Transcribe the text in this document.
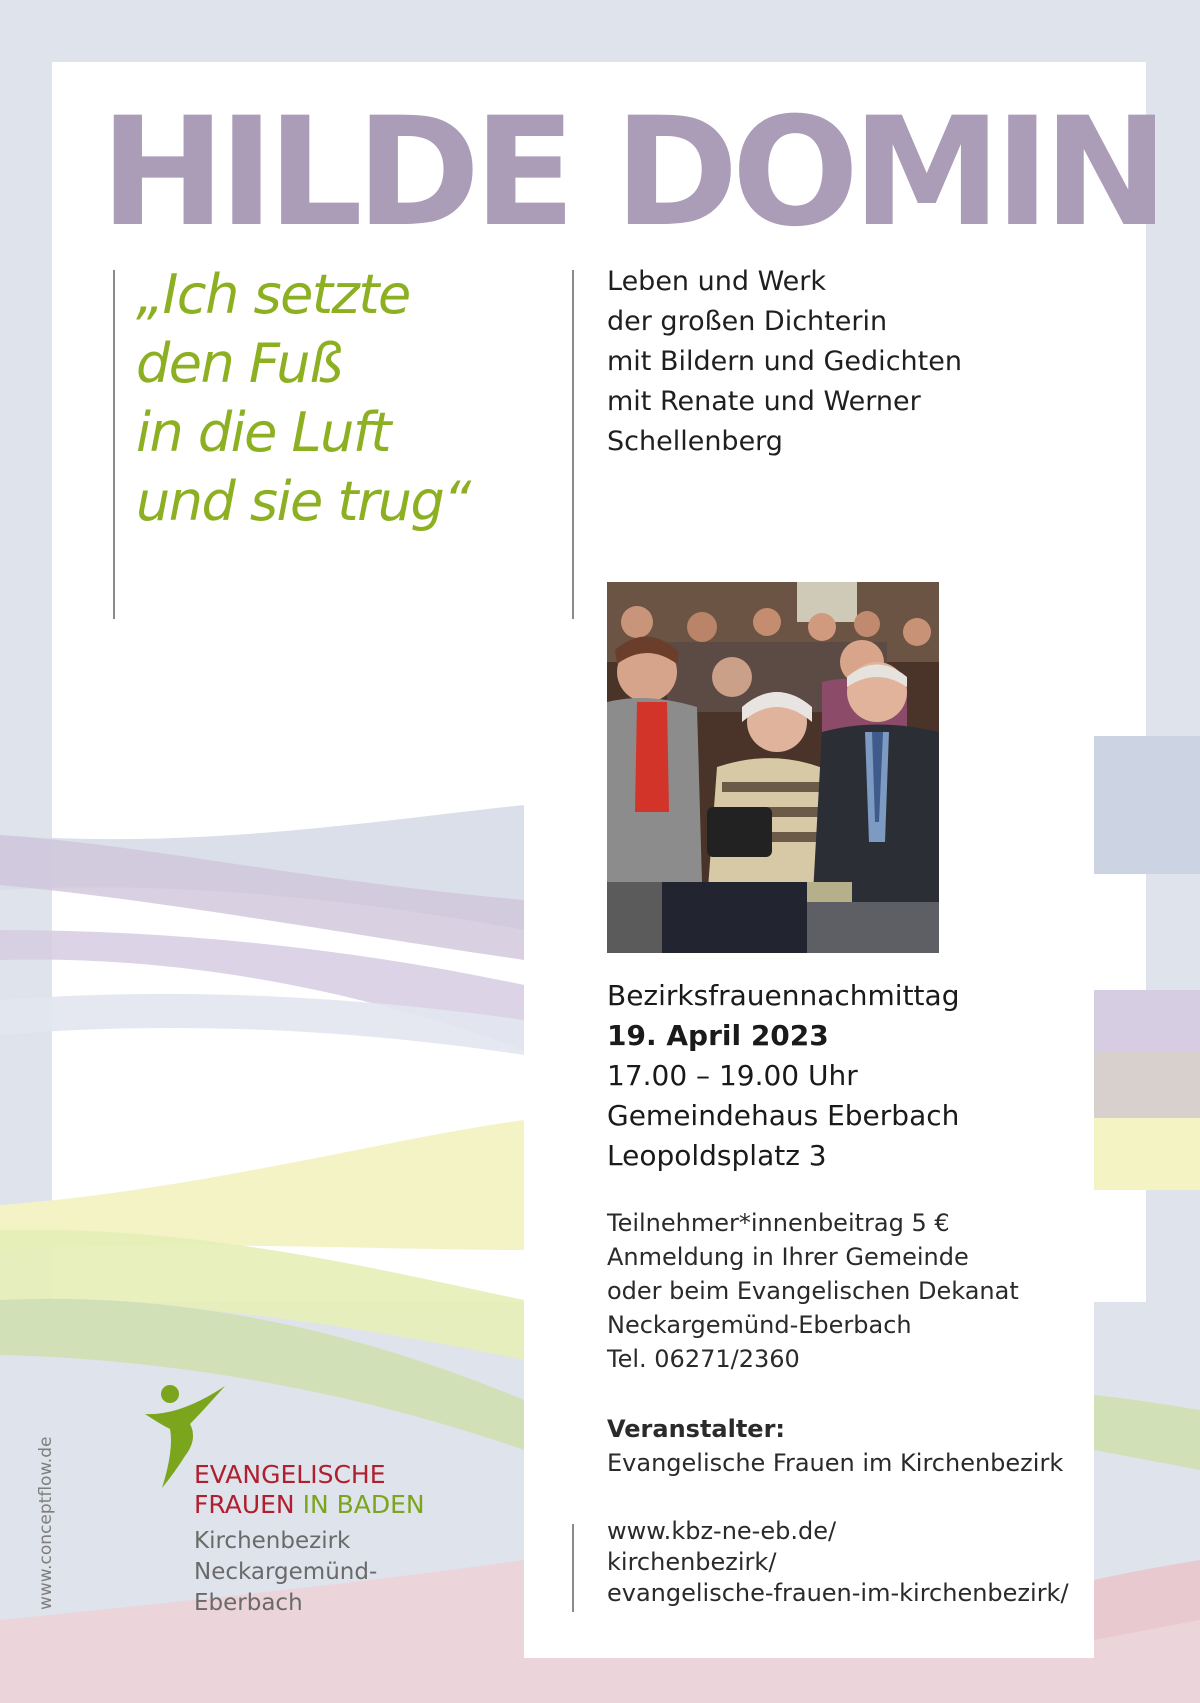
HILDE DOMIN
„Ich setzte
den Fuß
in die Luft
und sie trug“
Leben und Werk
der großen Dichterin
mit Bildern und Gedichten
mit Renate und Werner
Schellenberg
Bezirksfrauennachmittag
19. April 2023
17.00 – 19.00 Uhr
Gemeindehaus Eberbach
Leopoldsplatz 3
Teilnehmer*innenbeitrag 5 €
Anmeldung in Ihrer Gemeinde
oder beim Evangelischen Dekanat
Neckargemünd-Eberbach
Tel. 06271/2360
Veranstalter:
Evangelische Frauen im Kirchenbezirk
www.kbz-ne-eb.de/
kirchenbezirk/
evangelische-frauen-im-kirchenbezirk/
www.conceptflow.de	EVANGELISCHE
FRAUEN IN BADEN
Kirchenbezirk
Neckargemünd-
Eberbach
